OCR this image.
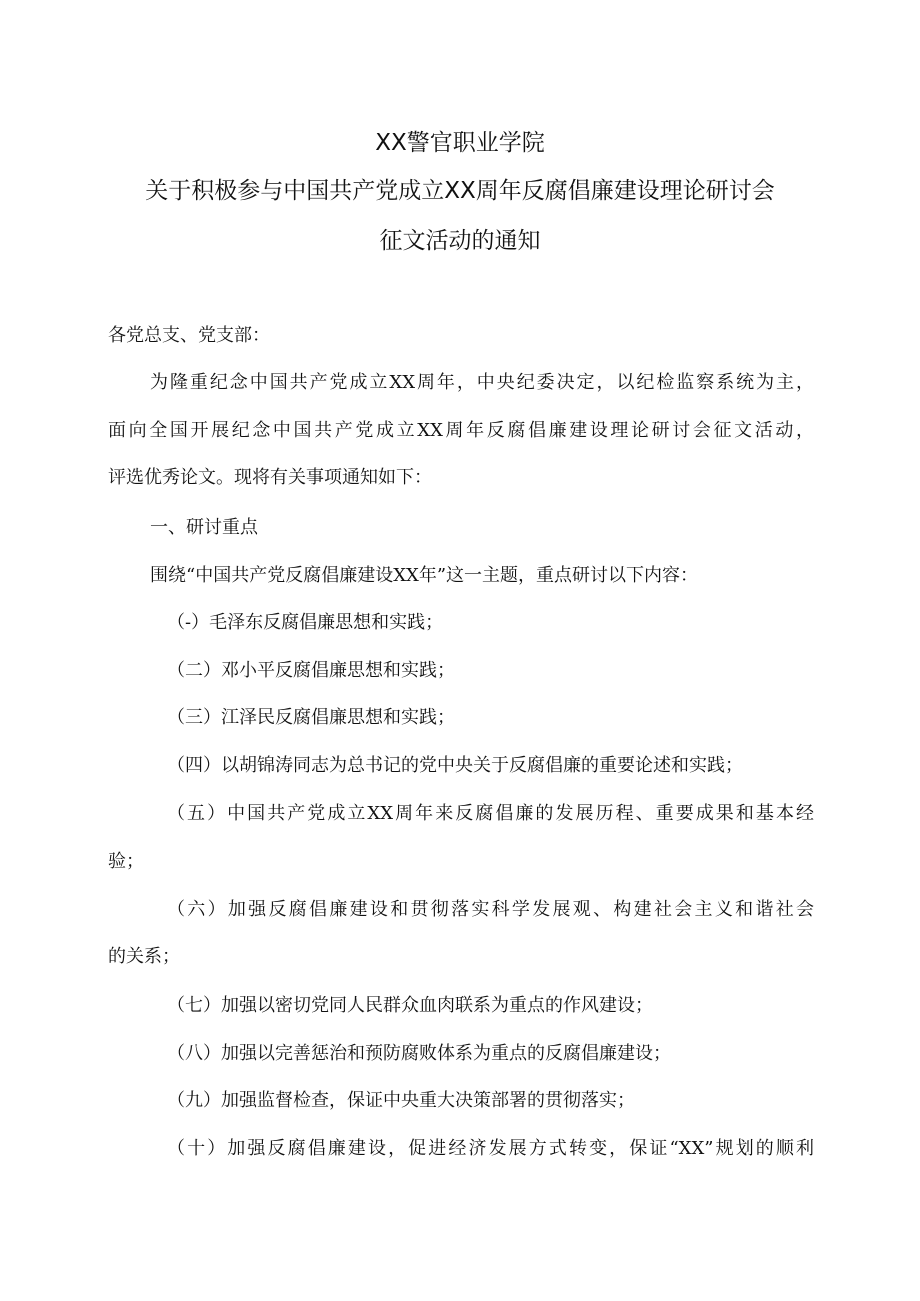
XX警官职业学院
关于积极参与中国共产党成立XX周年反腐倡廉建设理论研讨会
征文活动的通知
各党总支、党支部：
为隆重纪念中国共产党成立XX周年，中央纪委决定，以纪检监察系统为主，
面向全国开展纪念中国共产党成立XX周年反腐倡廉建设理论研讨会征文活动，
评选优秀论文。现将有关事项通知如下：
一、研讨重点
围绕“中国共产党反腐倡廉建设XX年”这一主题，重点研讨以下内容：
（-）毛泽东反腐倡廉思想和实践；
（二）邓小平反腐倡廉思想和实践；
（三）江泽民反腐倡廉思想和实践；
（四）以胡锦涛同志为总书记的党中央关于反腐倡廉的重要论述和实践；
（五）中国共产党成立XX周年来反腐倡廉的发展历程、重要成果和基本经
验；
（六）加强反腐倡廉建设和贯彻落实科学发展观、构建社会主义和谐社会
的关系；
（七）加强以密切党同人民群众血肉联系为重点的作风建设；
（八）加强以完善惩治和预防腐败体系为重点的反腐倡廉建设；
（九）加强监督检查，保证中央重大决策部署的贯彻落实；
（十）加强反腐倡廉建设，促进经济发展方式转变，保证“XX”规划的顺利
